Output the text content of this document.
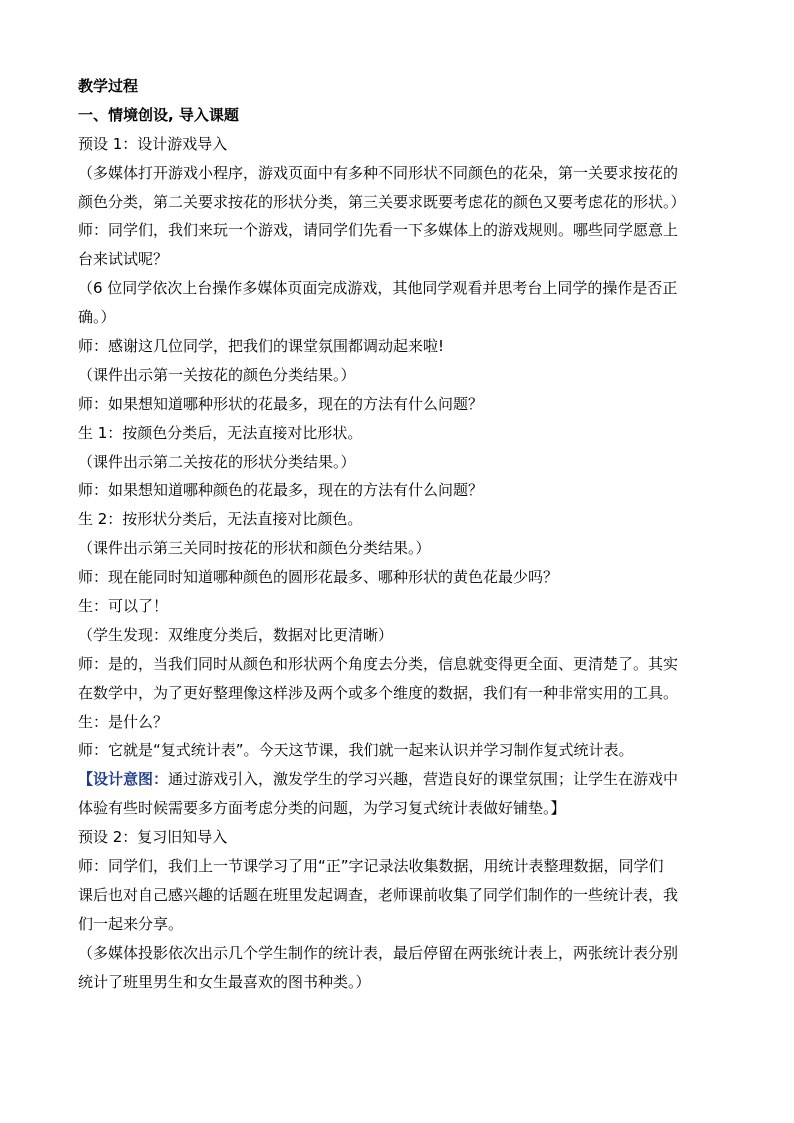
教学过程
一、情境创设, 导入课题
预设 1：设计游戏导入
（多媒体打开游戏小程序，游戏页面中有多种不同形状不同颜色的花朵，第一关要求按花的
颜色分类，第二关要求按花的形状分类，第三关要求既要考虑花的颜色又要考虑花的形状。）
师：同学们，我们来玩一个游戏，请同学们先看一下多媒体上的游戏规则。哪些同学愿意上
台来试试呢？
（6 位同学依次上台操作多媒体页面完成游戏，其他同学观看并思考台上同学的操作是否正
确。）
师：感谢这几位同学，把我们的课堂氛围都调动起来啦!
（课件出示第一关按花的颜色分类结果。）
师：如果想知道哪种形状的花最多，现在的方法有什么问题？
生 1：按颜色分类后，无法直接对比形状。
（课件出示第二关按花的形状分类结果。）
师：如果想知道哪种颜色的花最多，现在的方法有什么问题？
生 2：按形状分类后，无法直接对比颜色。
（课件出示第三关同时按花的形状和颜色分类结果。）
师：现在能同时知道哪种颜色的圆形花最多、哪种形状的黄色花最少吗？
生：可以了！
（学生发现：双维度分类后，数据对比更清晰）
师：是的，当我们同时从颜色和形状两个角度去分类，信息就变得更全面、更清楚了。其实
在数学中，为了更好整理像这样涉及两个或多个维度的数据，我们有一种非常实用的工具。
生：是什么？
师：它就是“复式统计表”。今天这节课，我们就一起来认识并学习制作复式统计表。
【设计意图：通过游戏引入，激发学生的学习兴趣，营造良好的课堂氛围；让学生在游戏中
体验有些时候需要多方面考虑分类的问题，为学习复式统计表做好铺垫。】
预设 2：复习旧知导入
师：同学们，我们上一节课学习了用“正”字记录法收集数据，用统计表整理数据，同学们
课后也对自己感兴趣的话题在班里发起调查，老师课前收集了同学们制作的一些统计表，我
们一起来分享。
（多媒体投影依次出示几个学生制作的统计表，最后停留在两张统计表上，两张统计表分别
统计了班里男生和女生最喜欢的图书种类。）
